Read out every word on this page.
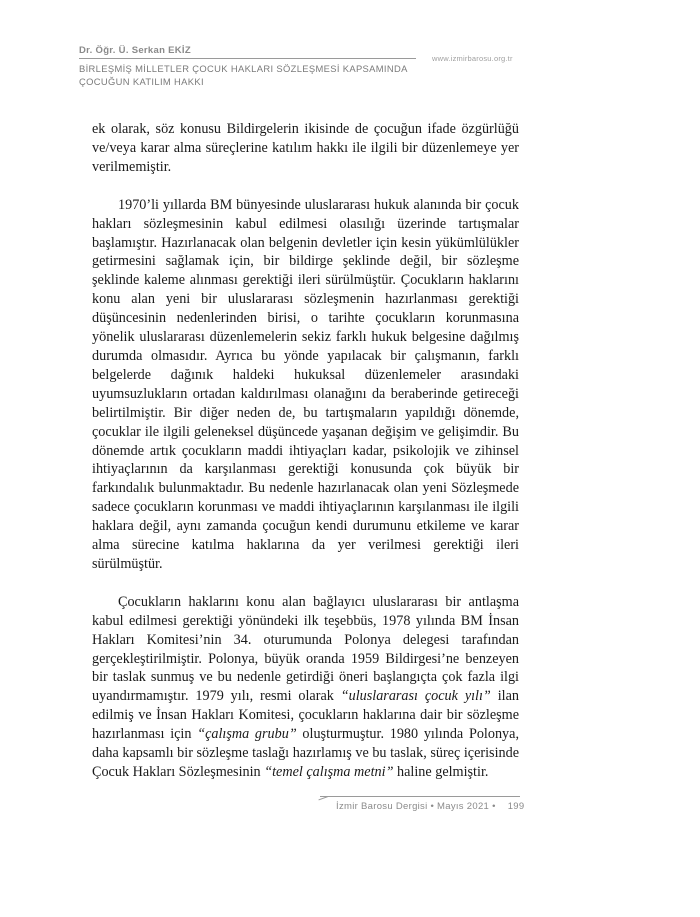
Dr. Öğr. Ü. Serkan EKİZ
www.izmirbarosu.org.tr
BİRLEŞMİŞ MİLLETLER ÇOCUK HAKLARI SÖZLEŞMESİ KAPSAMINDA
ÇOCUĞUN KATILIM HAKKI

ek olarak, söz konusu Bildirgelerin ikisinde de çocuğun ifade özgürlüğü ve/veya karar alma süreçlerine katılım hakkı ile ilgili bir düzenlemeye yer verilmemiştir.

1970’li yıllarda BM bünyesinde uluslararası hukuk alanında bir çocuk hakları sözleşmesinin kabul edilmesi olasılığı üzerinde tartışmalar başlamıştır. Hazırlanacak olan belgenin devletler için kesin yükümlülükler getirmesini sağlamak için, bir bildirge şeklinde değil, bir sözleşme şeklinde kaleme alınması gerektiği ileri sürülmüştür. Çocukların haklarını konu alan yeni bir uluslararası sözleşmenin hazırlanması gerektiği düşüncesinin nedenlerinden birisi, o tarihte çocukların korunmasına yönelik uluslararası düzenlemelerin sekiz farklı hukuk belgesine dağılmış durumda olmasıdır. Ayrıca bu yönde yapılacak bir çalışmanın, farklı belgelerde dağınık haldeki hukuksal düzenlemeler arasındaki uyumsuzlukların ortadan kaldırılması olanağını da beraberinde getireceği belirtilmiştir. Bir diğer neden de, bu tartışmaların yapıldığı dönemde, çocuklar ile ilgili geleneksel düşüncede yaşanan değişim ve gelişimdir. Bu dönemde artık çocukların maddi ihtiyaçları kadar, psikolojik ve zihinsel ihtiyaçlarının da karşılanması gerektiği konusunda çok büyük bir farkındalık bulunmaktadır. Bu nedenle hazırlanacak olan yeni Sözleşmede sadece çocukların korunması ve maddi ihtiyaçlarının karşılanması ile ilgili haklara değil, aynı zamanda çocuğun kendi durumunu etkileme ve karar alma sürecine katılma haklarına da yer verilmesi gerektiği ileri sürülmüştür.

Çocukların haklarını konu alan bağlayıcı uluslararası bir antlaşma kabul edilmesi gerektiği yönündeki ilk teşebbüs, 1978 yılında BM İnsan Hakları Komitesi’nin 34. oturumunda Polonya delegesi tarafından gerçekleştirilmiştir. Polonya, büyük oranda 1959 Bildirgesi’ne benzeyen bir taslak sunmuş ve bu nedenle getirdiği öneri başlangıçta çok fazla ilgi uyandırmamıştır. 1979 yılı, resmi olarak “uluslararası çocuk yılı” ilan edilmiş ve İnsan Hakları Komitesi, çocukların haklarına dair bir sözleşme hazırlanması için “çalışma grubu” oluşturmuştur. 1980 yılında Polonya, daha kapsamlı bir sözleşme taslağı hazırlamış ve bu taslak, süreç içerisinde Çocuk Hakları Sözleşmesinin “temel çalışma metni” haline gelmiştir.

İzmir Barosu Dergisi • Mayıs 2021 • 199
